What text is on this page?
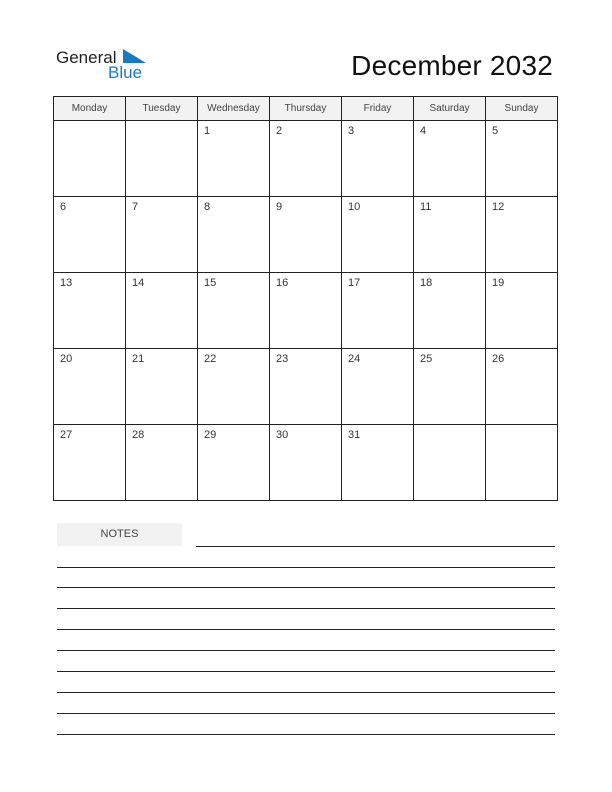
General
Blue	December 2032
Monday	Tuesday	Wednesday	Thursday	Friday	Saturday	Sunday

		1	2	3	4	5

6	7	8	9	10	11	12

13	14	15	16	17	18	19

20	21	22	23	24	25	26

27	28	29	30	31		

NOTES
